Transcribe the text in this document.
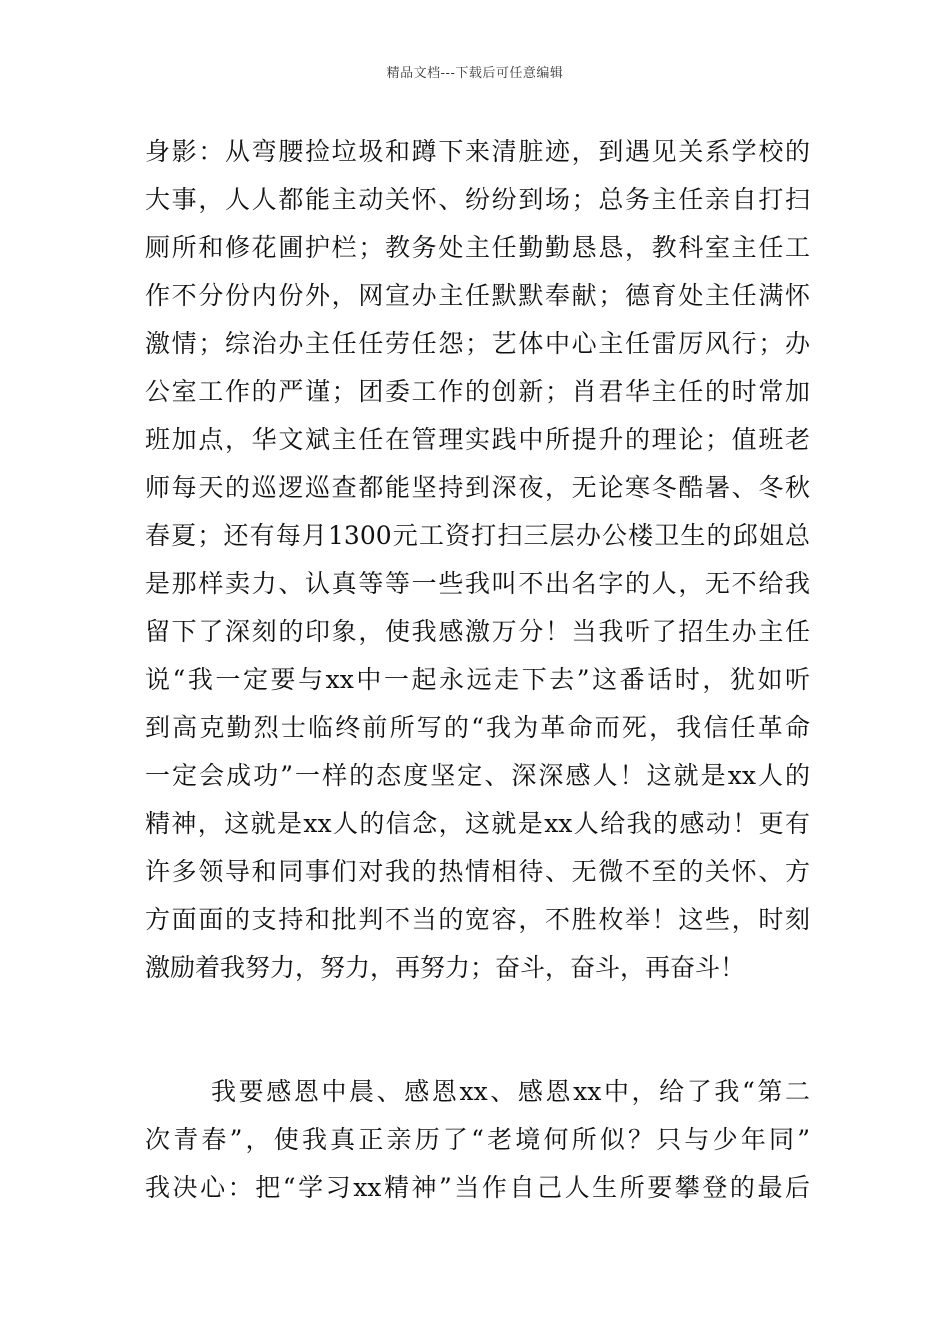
精品文档---下载后可任意编辑
身影：从弯腰捡垃圾和蹲下来清脏迹，到遇见关系学校的
大事，人人都能主动关怀、纷纷到场；总务主任亲自打扫
厕所和修花圃护栏；教务处主任勤勤恳恳，教科室主任工
作不分份内份外，网宣办主任默默奉献；德育处主任满怀
激情；综治办主任任劳任怨；艺体中心主任雷厉风行；办
公室工作的严谨；团委工作的创新；肖君华主任的时常加
班加点，华文斌主任在管理实践中所提升的理论；值班老
师每天的巡逻巡查都能坚持到深夜，无论寒冬酷暑、冬秋
春夏；还有每月1300元工资打扫三层办公楼卫生的邱姐总
是那样卖力、认真等等一些我叫不出名字的人，无不给我
留下了深刻的印象，使我感激万分！当我听了招生办主任
说“我一定要与xx中一起永远走下去”这番话时，犹如听
到高克勤烈士临终前所写的“我为革命而死，我信任革命
一定会成功”一样的态度坚定、深深感人！这就是xx人的
精神，这就是xx人的信念，这就是xx人给我的感动！更有
许多领导和同事们对我的热情相待、无微不至的关怀、方
方面面的支持和批判不当的宽容，不胜枚举！这些，时刻
激励着我努力，努力，再努力；奋斗，奋斗，再奋斗！
我要感恩中晨、感恩xx、感恩xx中，给了我“第二
次青春”，使我真正亲历了“老境何所似？只与少年同”
我决心：把“学习xx精神”当作自己人生所要攀登的最后
